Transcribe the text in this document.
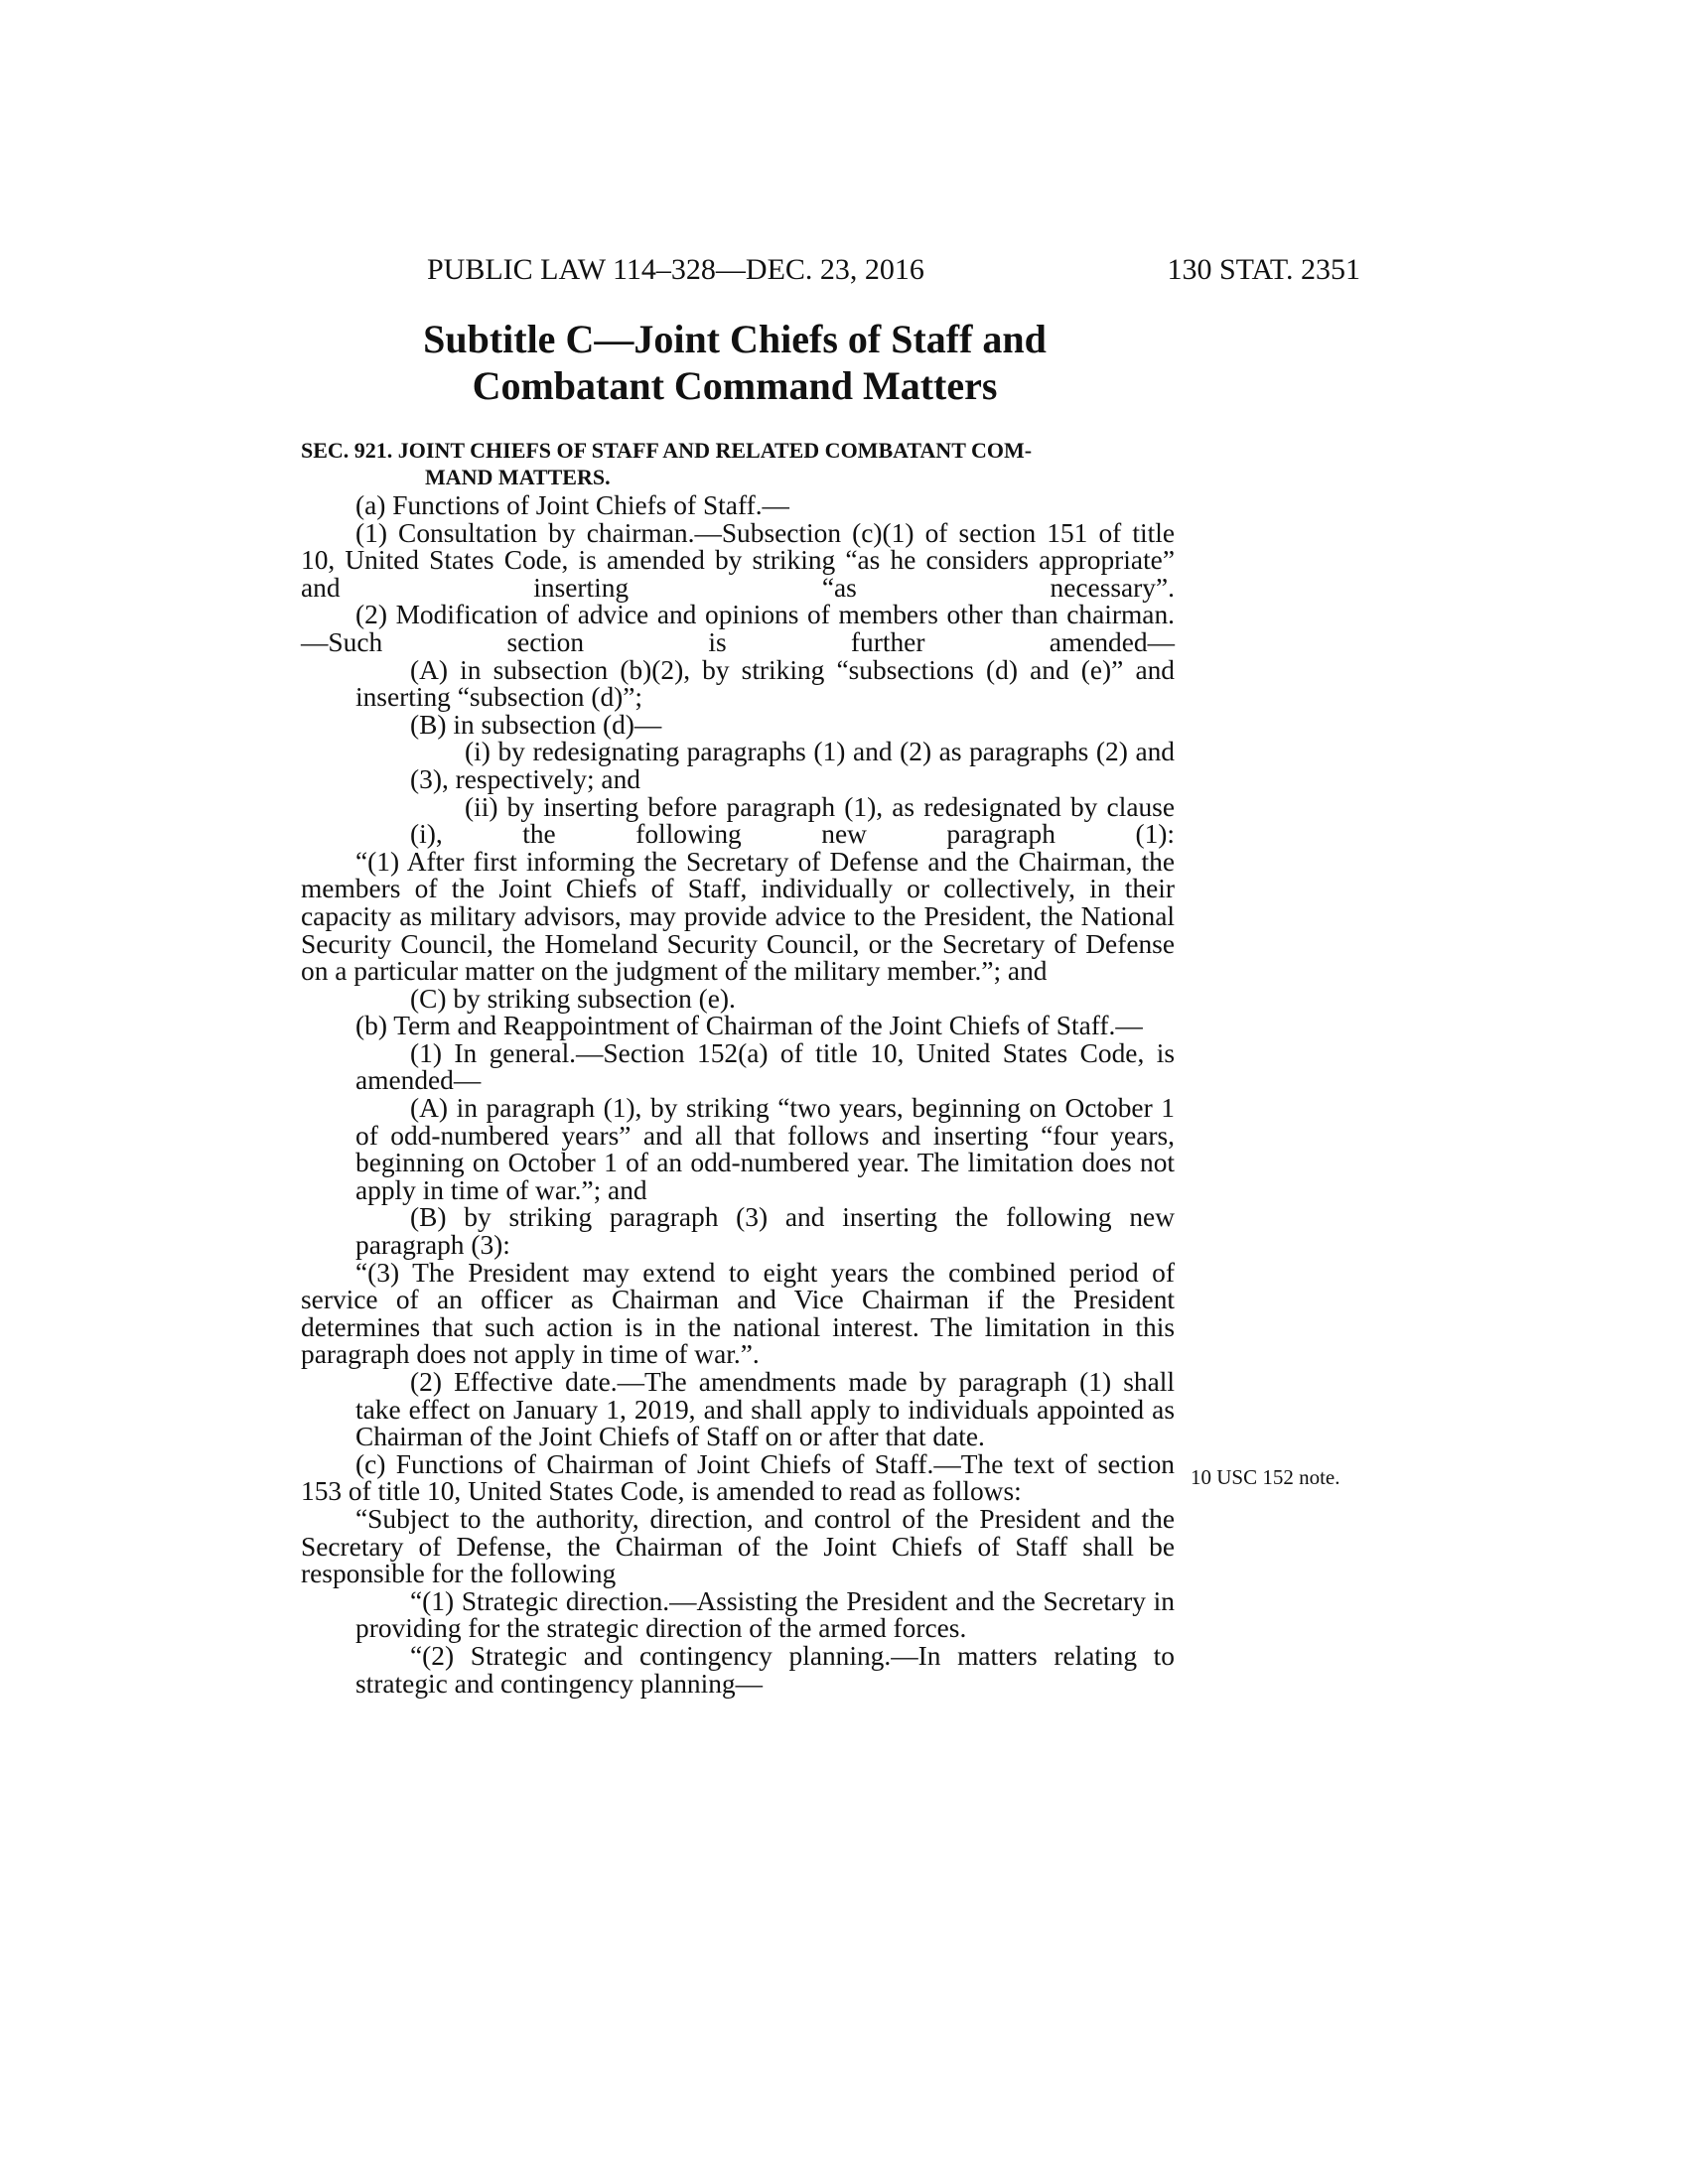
PUBLIC LAW 114–328—DEC. 23, 2016	130 STAT. 2351
Subtitle C—Joint Chiefs of Staff and
Combatant Command Matters
SEC. 921. JOINT CHIEFS OF STAFF AND RELATED COMBATANT COM-
MAND MATTERS.

(a) Functions of Joint Chiefs of Staff.—

(1) Consultation by chairman.—Subsection (c)(1) of section 151 of title 10, United States Code, is amended by striking “as he considers appropriate” and inserting “as necessary”.

(2) Modification of advice and opinions of members other than chairman.—Such section is further amended—

(A) in subsection (b)(2), by striking “subsections (d) and (e)” and inserting “subsection (d)”;

(B) in subsection (d)—

(i) by redesignating paragraphs (1) and (2) as paragraphs (2) and (3), respectively; and

(ii) by inserting before paragraph (1), as redesignated by clause (i), the following new paragraph (1):

“(1) After first informing the Secretary of Defense and the Chairman, the members of the Joint Chiefs of Staff, individually or collectively, in their capacity as military advisors, may provide advice to the President, the National Security Council, the Homeland Security Council, or the Secretary of Defense on a particular matter on the judgment of the military member.”; and

(C) by striking subsection (e).

(b) Term and Reappointment of Chairman of the Joint Chiefs of Staff.—

(1) In general.—Section 152(a) of title 10, United States Code, is amended—

(A) in paragraph (1), by striking “two years, beginning on October 1 of odd-numbered years” and all that follows and inserting “four years, beginning on October 1 of an odd-numbered year. The limitation does not apply in time of war.”; and

(B) by striking paragraph (3) and inserting the following new paragraph (3):

“(3) The President may extend to eight years the combined period of service of an officer as Chairman and Vice Chairman if the President determines that such action is in the national interest. The limitation in this paragraph does not apply in time of war.”.

(2) Effective date.—The amendments made by paragraph (1) shall take effect on January 1, 2019, and shall apply to individuals appointed as Chairman of the Joint Chiefs of Staff on or after that date.

(c) Functions of Chairman of Joint Chiefs of Staff.—The text of section 153 of title 10, United States Code, is amended to read as follows:

“Subject to the authority, direction, and control of the President and the Secretary of Defense, the Chairman of the Joint Chiefs of Staff shall be responsible for the following

“(1) Strategic direction.—Assisting the President and the Secretary in providing for the strategic direction of the armed forces.

“(2) Strategic and contingency planning.—In matters relating to strategic and contingency planning—

10 USC 152 note.
